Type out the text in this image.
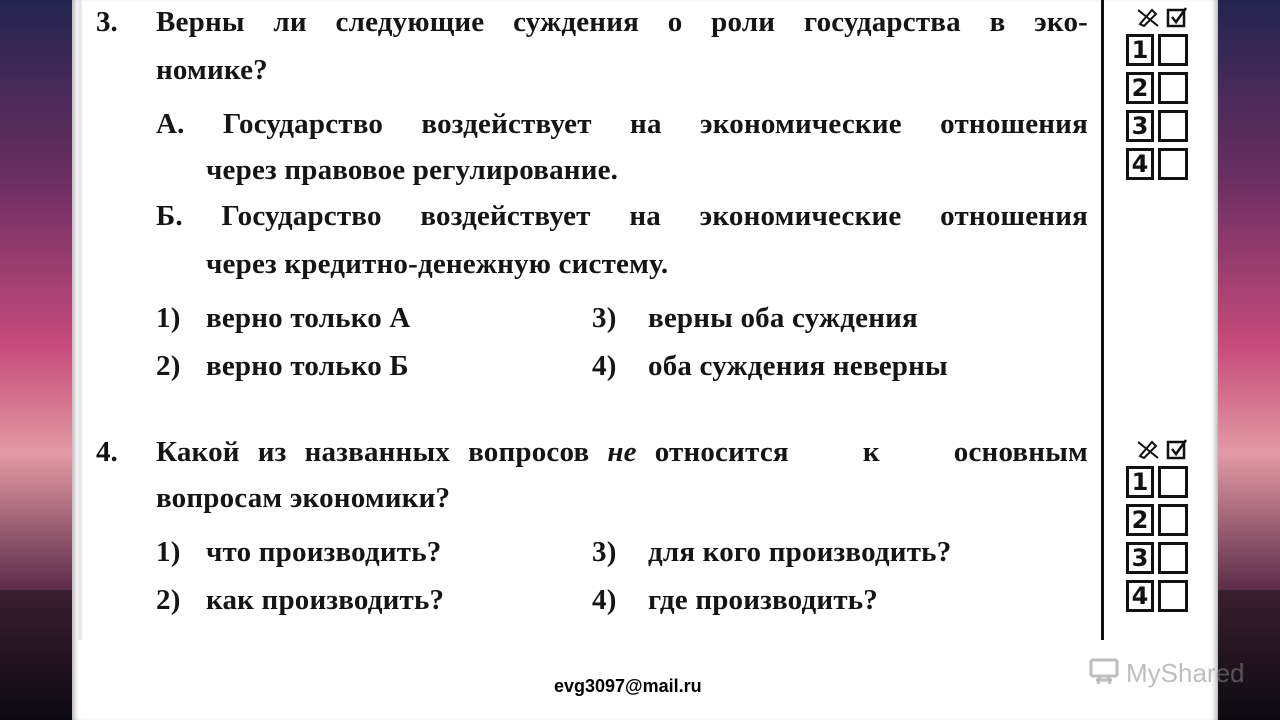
3. Верны ли следующие суждения о роли государства в эко-
номике?
А. Государство воздействует на экономические отношения
через правовое регулирование.
Б. Государство воздействует на экономические отношения
через кредитно-денежную систему.
1) верно только А
2) верно только Б
3) верны оба суждения
4) оба суждения неверны
4. Какой из названных вопросов не относится к основным
вопросам экономики?
1) что производить?
2) как производить?
3) для кого производить?
4) где производить?
1
2
3
4
1
2
3
4
evg3097@mail.ru	MyShared
